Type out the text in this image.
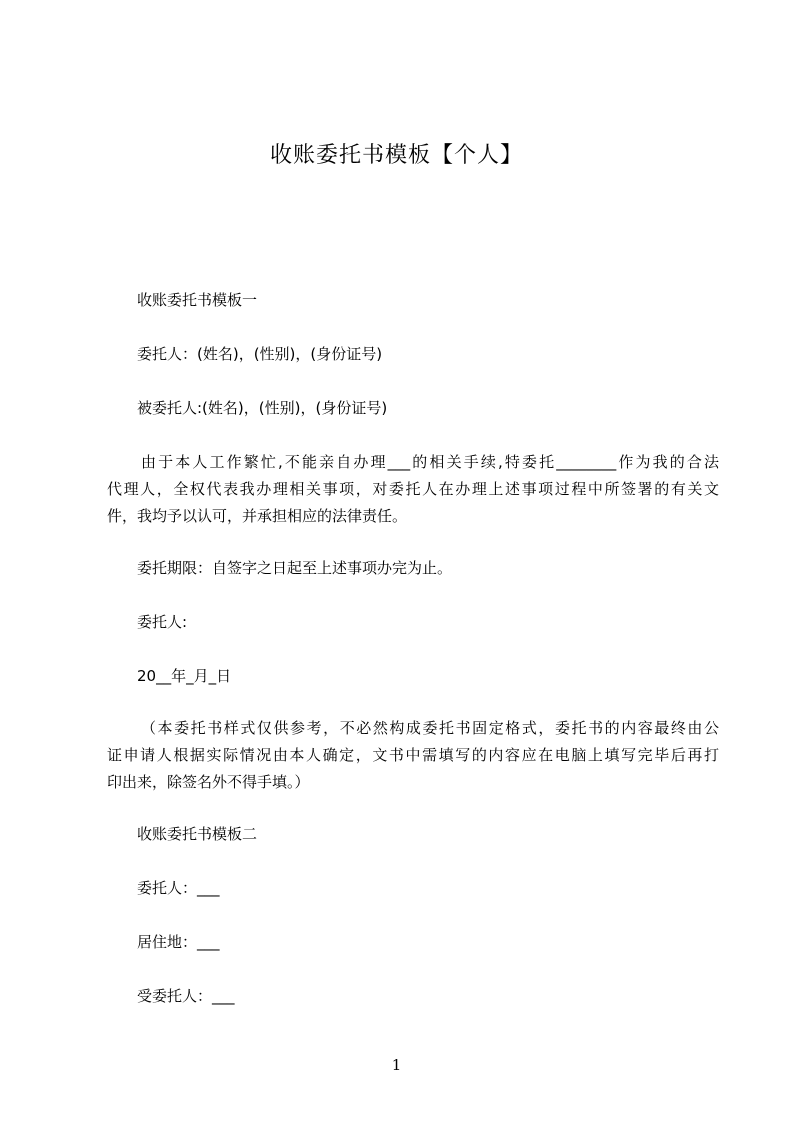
收账委托书模板【个人】
收账委托书模板一
委托人：(姓名)，(性别)，(身份证号)
被委托人:(姓名)，(性别)，(身份证号)
由于本人工作繁忙,不能亲自办理___的相关手续,特委托________作为我的合法
代理人，全权代表我办理相关事项，对委托人在办理上述事项过程中所签署的有关文
件，我均予以认可，并承担相应的法律责任。
委托期限：自签字之日起至上述事项办完为止。
委托人:
20__年_月_日
（本委托书样式仅供参考，不必然构成委托书固定格式，委托书的内容最终由公
证申请人根据实际情况由本人确定，文书中需填写的内容应在电脑上填写完毕后再打
印出来，除签名外不得手填。）
收账委托书模板二
委托人：___
居住地：___
受委托人：___
1
